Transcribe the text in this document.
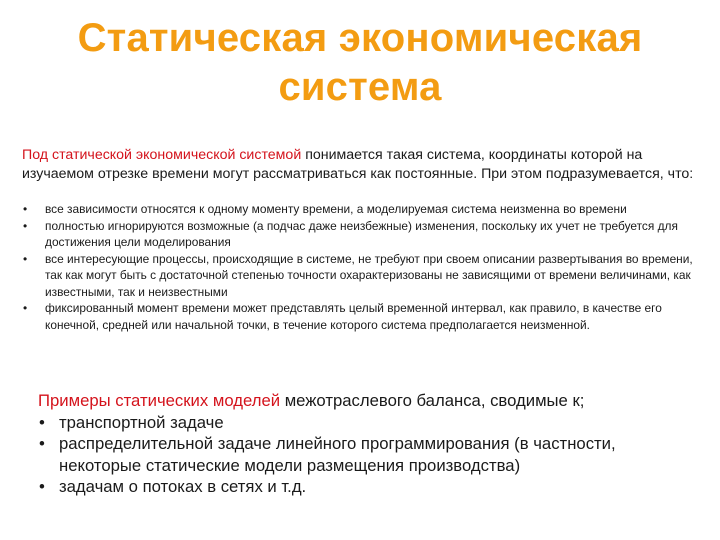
Статическая экономическая
система

Под статической экономической системой понимается такая система, координаты которой на изучаемом отрезке времени могут рассматриваться как постоянные. При этом подразумевается, что:

• все зависимости относятся к одному моменту времени, а моделируемая система неизменна во времени
• полностью игнорируются возможные (а подчас даже неизбежные) изменения, поскольку их учет не требуется для достижения цели моделирования
• все интересующие процессы, происходящие в системе, не требуют при своем описании развертывания во времени, так как могут быть с достаточной степенью точности охарактеризованы не зависящими от времени величинами, как известными, так и неизвестными
• фиксированный момент времени может представлять целый временной интервал, как правило, в качестве его конечной, средней или начальной точки, в течение которого система предполагается неизменной.

Примеры статических моделей межотраслевого баланса, сводимые к;

• транспортной задаче
• распределительной задаче линейного программирования (в частности, некоторые статические модели размещения производства)
• задачам о потоках в сетях и т.д.
